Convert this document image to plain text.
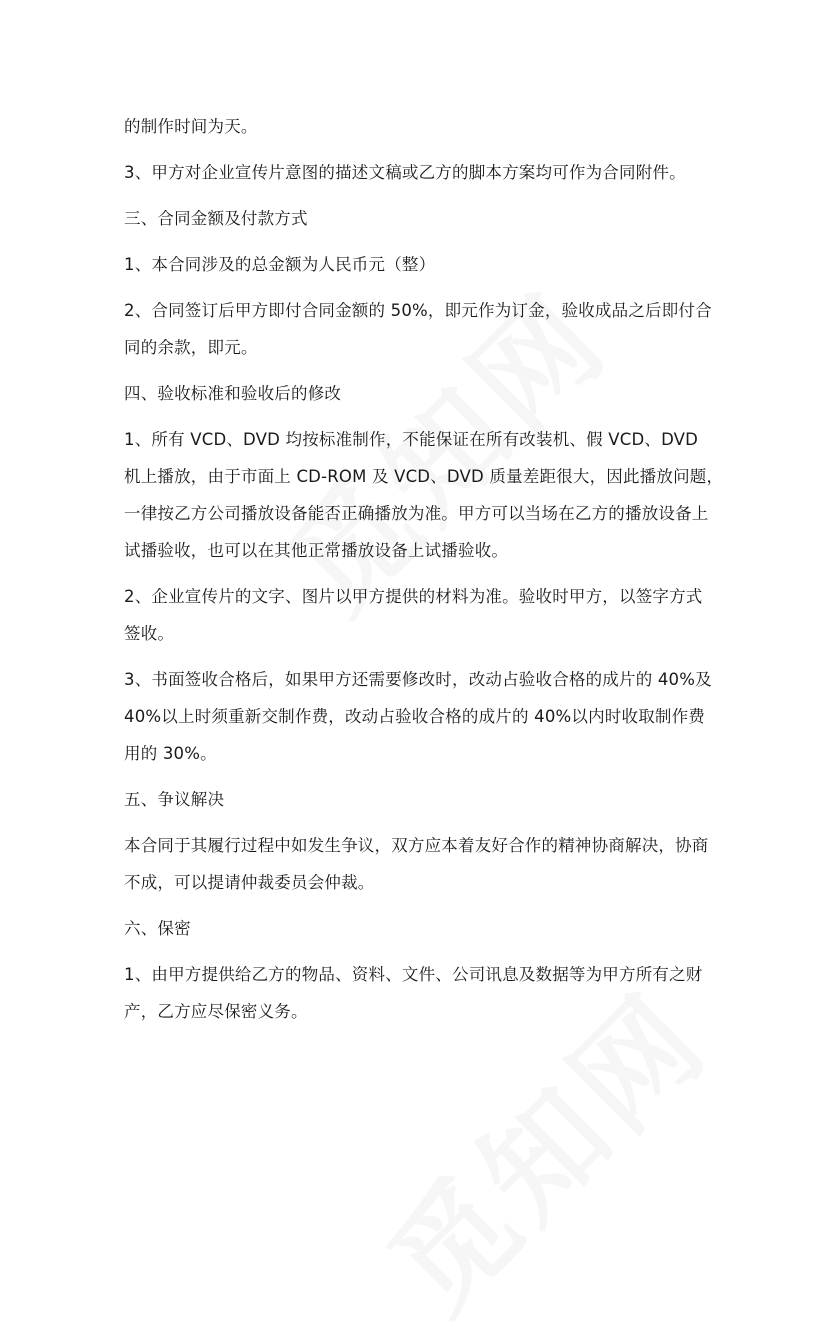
的制作时间为天。
3、甲方对企业宣传片意图的描述文稿或乙方的脚本方案均可作为合同附件。
三、合同金额及付款方式
1、本合同涉及的总金额为人民币元（整）
2、合同签订后甲方即付合同金额的 50%，即元作为订金，验收成品之后即付合
同的余款，即元。
四、验收标准和验收后的修改
1、所有 VCD、DVD 均按标准制作，不能保证在所有改装机、假 VCD、DVD
机上播放，由于市面上 CD-ROM 及 VCD、DVD 质量差距很大，因此播放问题，
一律按乙方公司播放设备能否正确播放为准。甲方可以当场在乙方的播放设备上
试播验收，也可以在其他正常播放设备上试播验收。
2、企业宣传片的文字、图片以甲方提供的材料为准。验收时甲方，以签字方式
签收。
3、书面签收合格后，如果甲方还需要修改时，改动占验收合格的成片的 40%及
40%以上时须重新交制作费，改动占验收合格的成片的 40%以内时收取制作费
用的 30%。
五、争议解决
本合同于其履行过程中如发生争议，双方应本着友好合作的精神协商解决，协商
不成，可以提请仲裁委员会仲裁。
六、保密
1、由甲方提供给乙方的物品、资料、文件、公司讯息及数据等为甲方所有之财
产，乙方应尽保密义务。
